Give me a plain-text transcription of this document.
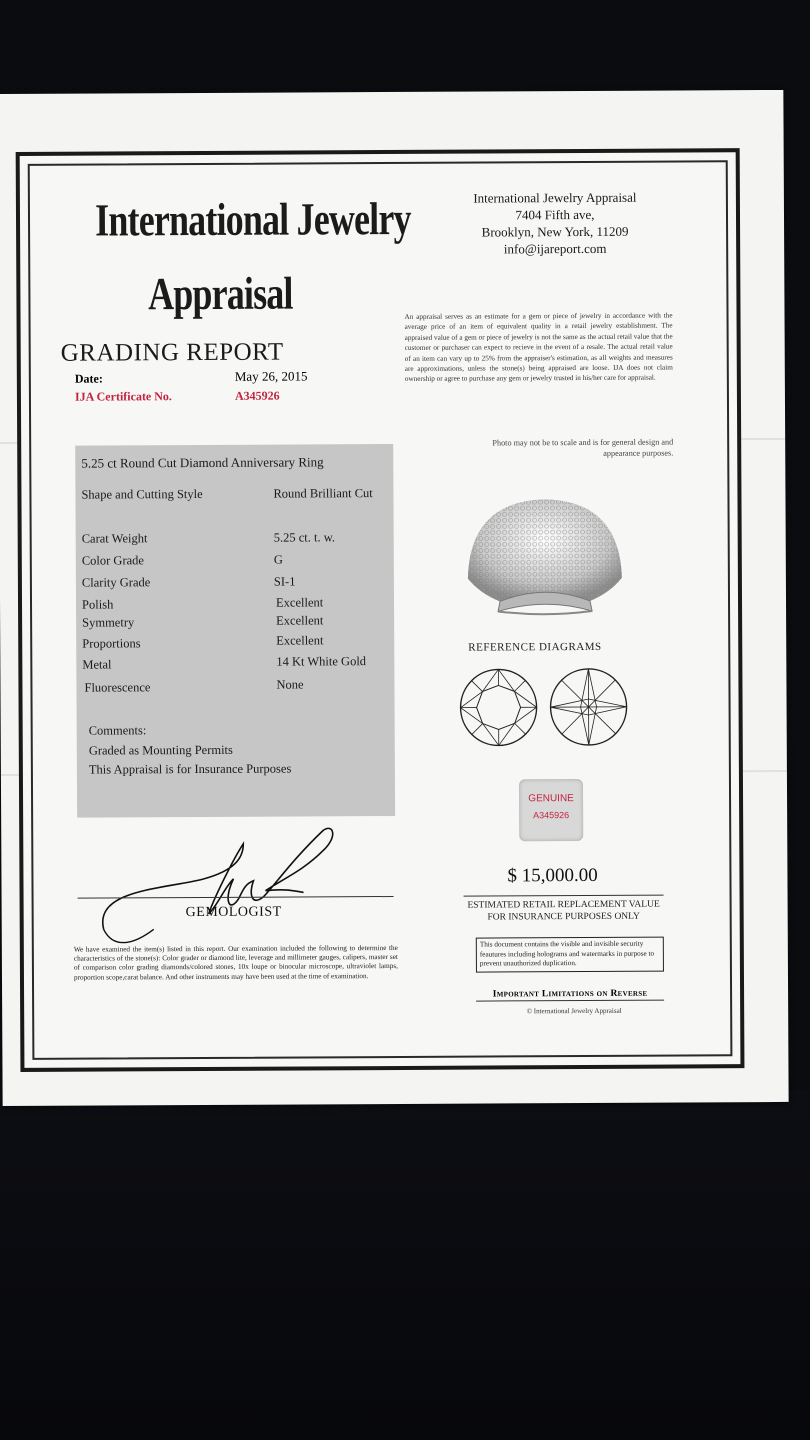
International Jewelry
Appraisal
International Jewelry Appraisal
7404 Fifth ave,
Brooklyn, New York, 11209
info@ijareport.com
An appraisal serves as an estimate for a gem or piece of jewelry in accordance with the average price of an item of equivalent quality in a retail jewelry establishment. The appraised value of a gem or piece of jewelry is not the same as the actual retail value that the customer or purchaser can expect to recieve in the event of a resale. The actual retail value of an item can vary up to 25% from the appraiser's estimation, as all weights and measures are approximations, unless the stone(s) being appraised are loose. IJA does not claim ownership or agree to purchase any gem or jewelry trusted in his/her care for appraisal.
GRADING REPORT
Date:	May 26, 2015
IJA Certificate No.	A345926
5.25 ct Round Cut Diamond Anniversary Ring
Shape and Cutting Style	Round Brilliant Cut
Carat Weight	5.25 ct. t. w.
Color Grade	G
Clarity Grade	SI-1
Polish	Excellent
Symmetry	Excellent
Proportions	Excellent
Metal	14 Kt White Gold
Fluorescence	None
Comments:
Graded as Mounting Permits
This Appraisal is for Insurance Purposes
Photo may not be to scale and is for general design and appearance purposes.
REFERENCE DIAGRAMS
GENUINE
A345926
$ 15,000.00
ESTIMATED RETAIL REPLACEMENT VALUE
FOR INSURANCE PURPOSES ONLY
This document contains the visible and invisible security feautures including holograms and watermarks in purpose to prevent unauthorized duplication.
Important Limitations on Reverse
© International Jewelry Appraisal
GEMOLOGIST
We have examined the item(s) listed in this report. Our examination included the following to determine the characteristics of the stone(s): Color grader or diamond lite, leverage and millimeter gauges, calipers, master set of comparison color grading diamonds/colored stones, 10x loupe or binocular microscope, ultraviolet lamps, proportion scope,carat balance. And other instruments may have been used at the time of examination.
